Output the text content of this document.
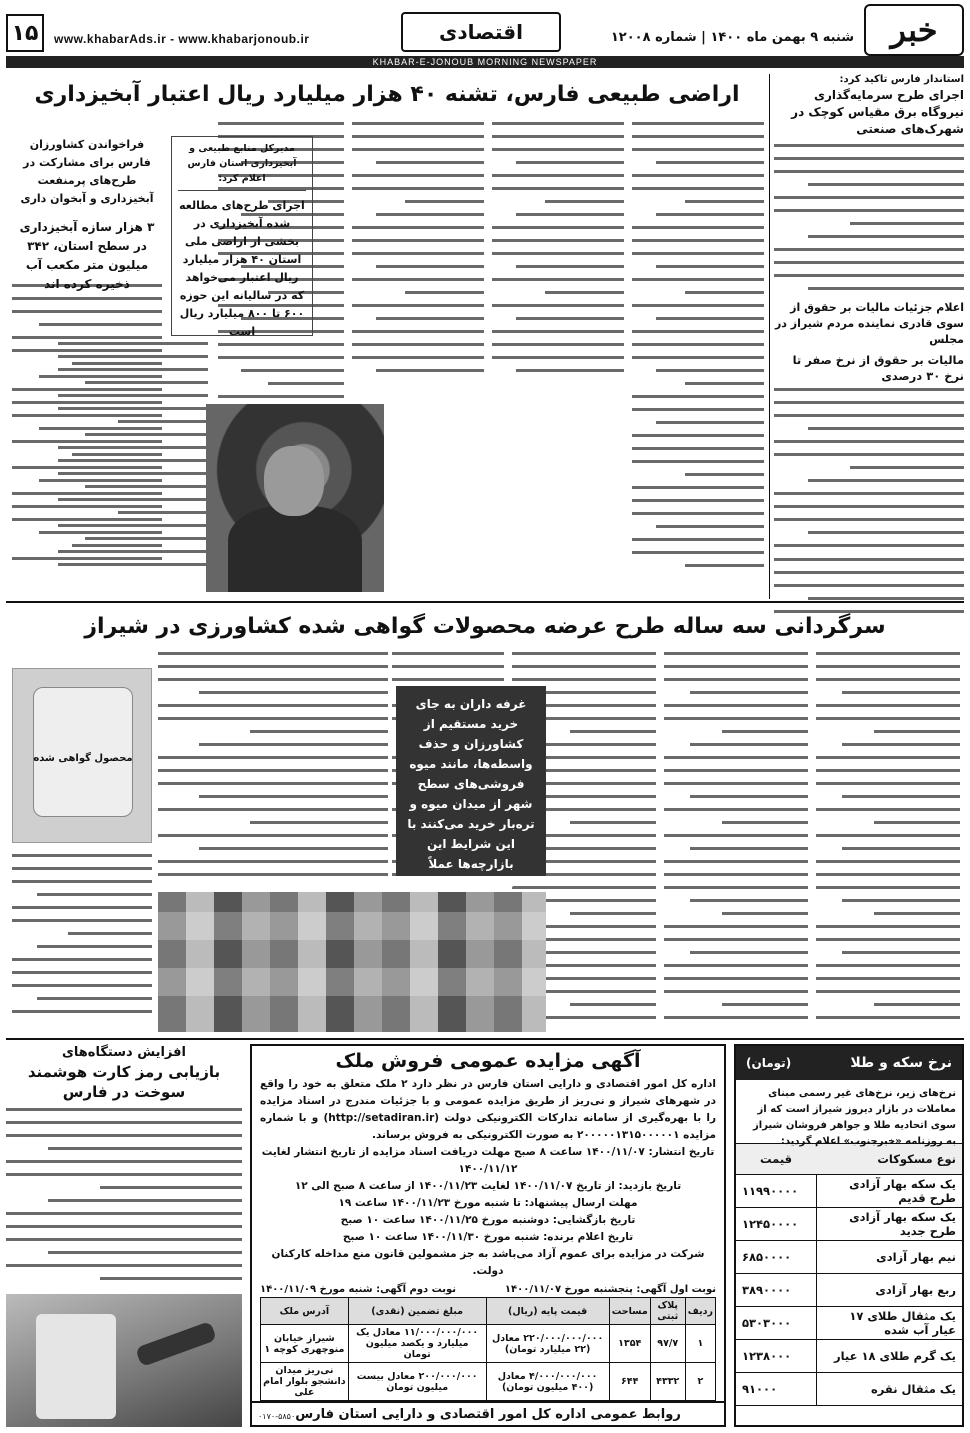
خبر
شنبه ۹ بهمن ماه ۱۴۰۰ | شماره ۱۲۰۰۸
اقتصادی
www.khabarAds.ir - www.khabarjonoub.ir
۱۵
KHABAR-E-JONOUB MORNING NEWSPAPER
استاندار فارس تاکید کرد:
اجرای طرح سرمایه‌گذاری نیروگاه برق مقیاس کوچک در شهرک‌های صنعتی
اعلام جزئیات مالیات بر حقوق از سوی قادری نماینده مردم شیراز در مجلس
مالیات بر حقوق از نرخ صفر تا نرخ ۳۰ درصدی
اراضی طبیعی فارس، تشنه ۴۰ هزار میلیارد ریال اعتبار آبخیزداری
فراخواندن کشاورزان فارس برای مشارکت در طرح‌های پرمنفعت آبخیزداری و آبخوان داری
۳ هزار سازه آبخیزداری در سطح استان، ۳۴۲ میلیون متر مکعب آب ذخیره کرده اند
مدیرکل منابع طبیعی و آبخیزداری استان فارس اعلام کرد:
اجرای طرح‌های مطالعه شده آبخیزداری در بخشی از اراضی ملی استان ۴۰ هزار میلیارد ریال اعتبار می‌خواهد که در سالیانه این حوزه ۶۰۰ تا ۸۰۰ میلیارد ریال است
سرگردانی سه ساله طرح عرضه محصولات گواهی شده کشاورزی در شیراز
غرفه داران به جای خرید مستقیم از کشاورزان و حذف واسطه‌ها، مانند میوه فروشی‌های سطح شهر از میدان میوه و تره‌بار خرید می‌کنند با این شرایط این بازارچه‌ها عملاً فلسفه وجودی
محصول گواهی شده
نرخ سکه و طلا
(تومان)
نرخ‌های زیر، نرخ‌های غیر رسمی مبنای معاملات در بازار دیروز شیراز است که از سوی اتحادیه طلا و جواهر فروشان شیراز به روزنامه «خبرجنوب» اعلام گردید:
نوع مسکوکات	قیمت
یک سکه بهار آزادی طرح قدیم	۱۱۹۹۰۰۰۰
یک سکه بهار آزادی طرح جدید	۱۲۴۵۰۰۰۰
نیم بهار آزادی	۶۸۵۰۰۰۰
ربع بهار آزادی	۳۸۹۰۰۰۰
یک مثقال طلای ۱۷ عیار آب شده	۵۳۰۳۰۰۰
یک گرم طلای ۱۸ عیار	۱۲۳۸۰۰۰
یک مثقال نقره	۹۱۰۰۰
آگهی مزایده عمومی فروش ملک
اداره کل امور اقتصادی و دارایی استان فارس در نظر دارد ۲ ملک متعلق به خود را واقع در شهرهای شیراز و نی‌ریز از طریق مزایده عمومی و با جزئیات مندرج در اسناد مزایده را با بهره‌گیری از سامانه تدارکات الکترونیکی دولت (http://setadiran.ir) و با شماره مزایده ۲۰۰۰۰۰۱۳۱۵۰۰۰۰۰۱ به صورت الکترونیکی به فروش برساند.
تاریخ انتشار: ۱۴۰۰/۱۱/۰۷ ساعت ۸ صبح مهلت دریافت اسناد مزایده از تاریخ انتشار لغایت ۱۴۰۰/۱۱/۱۲
تاریخ بازدید: از تاریخ ۱۴۰۰/۱۱/۰۷ لغایت ۱۴۰۰/۱۱/۲۳ از ساعت ۸ صبح الی ۱۲
مهلت ارسال پیشنهاد: تا شنبه مورخ ۱۴۰۰/۱۱/۲۳ ساعت ۱۹
تاریخ بازگشایی: دوشنبه مورخ ۱۴۰۰/۱۱/۲۵ ساعت ۱۰ صبح
تاریخ اعلام برنده: شنبه مورخ ۱۴۰۰/۱۱/۳۰ ساعت ۱۰ صبح
شرکت در مزایده برای عموم آزاد می‌باشد به جز مشمولین قانون منع مداخله کارکنان دولت.
نوبت اول آگهی: پنجشنبه مورخ ۱۴۰۰/۱۱/۰۷
نوبت دوم آگهی: شنبه مورخ ۱۴۰۰/۱۱/۰۹
ردیف	پلاک ثبتی	مساحت	قیمت پایه (ریال)	مبلغ تضمین (نقدی)	آدرس ملک
۱	۹۷/۷	۱۳۵۴	۲۲۰/۰۰۰/۰۰۰/۰۰۰ معادل (۲۲ میلیارد تومان)	۱۱/۰۰۰/۰۰۰/۰۰۰ معادل یک میلیارد و یکصد میلیون تومان	شیراز خیابان منوچهری کوچه ۱
۲	۴۳۳۲	۶۴۴	۴/۰۰۰/۰۰۰/۰۰۰ معادل (۴۰۰ میلیون تومان)	۲۰۰/۰۰۰/۰۰۰ معادل بیست میلیون تومان	نی‌ریز میدان دانشجو بلوار امام علی
روابط عمومی اداره کل امور اقتصادی و دارایی استان فارس
۰۱۷۰-۵۸۵۰
افزایش دستگاه‌های
بازیابی رمز کارت هوشمند سوخت در فارس
